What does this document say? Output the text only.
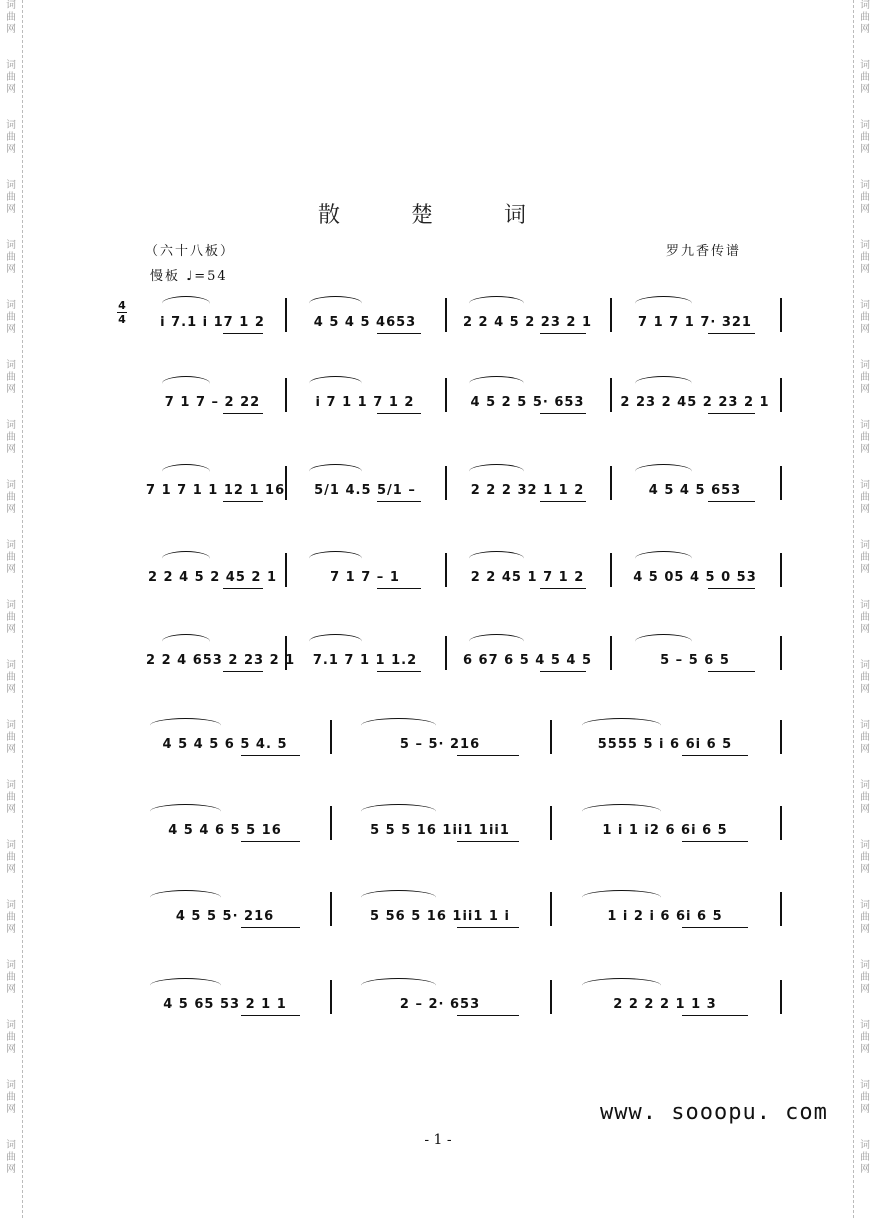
词
曲
网
词
曲
网
词
曲
网
词
曲
网
词
曲
网
词
曲
网
词
曲
网
词
曲
网
词
曲
网
词
曲
网
词
曲
网
词
曲
网
词
曲
网
词
曲
网
词
曲
网
词
曲
网
词
曲
网
词
曲
网
词
曲
网
词
曲
网
词
曲
网
词
曲
网
词
曲
网
词
曲
网
词
曲
网
词
曲
网
词
曲
网
词
曲
网
词
曲
网
词
曲
网
词
曲
网
词
曲
网
词
曲
网
词
曲
网
词
曲
网
词
曲
网
词
曲
网
词
曲
网
词
曲
网
词
曲
网
散 楚 词
（六十八板）	罗九香传谱
慢板 ♩=54
4
4	i 7.1 i 17 1 2	4 5 4 5 4653	2 2 4 5 2 23 2 1	7 1 7 1 7· 321
7 1 7 – 2 22	i 7 1 1 7 1 2	4 5 2 5 5· 653	2 23 2 45 2 23 2 1
7 1 7 1 1 12 1 16 5/1 4.5 5/1 –	2 2 2 32 1 1 2	4 5 4 5 653
2 2 4 5 2 45 2 1	7 1 7 – 1	2 2 45 1 7 1 2	4 5 05 4 5 0 53
2 2 4 653 2 23 2 1 7.1 7 1 1 1.2	6 67 6 5 4 5 4 5	5 – 5 6 5
4 5 4 5 6 5 4. 5	5 – 5· 216	5555 5 i 6 6i 6 5
4 5 4 6 5 5 16	5 5 5 16 1ii1 1ii1	1 i 1 i2 6 6i 6 5
4 5 5 5· 216	5 56 5 16 1ii1 1 i	1 i 2 i 6 6i 6 5
4 5 65 53 2 1 1	2 – 2· 653	2 2 2 2 1 1 3
www. sooopu. com
- 1 -
